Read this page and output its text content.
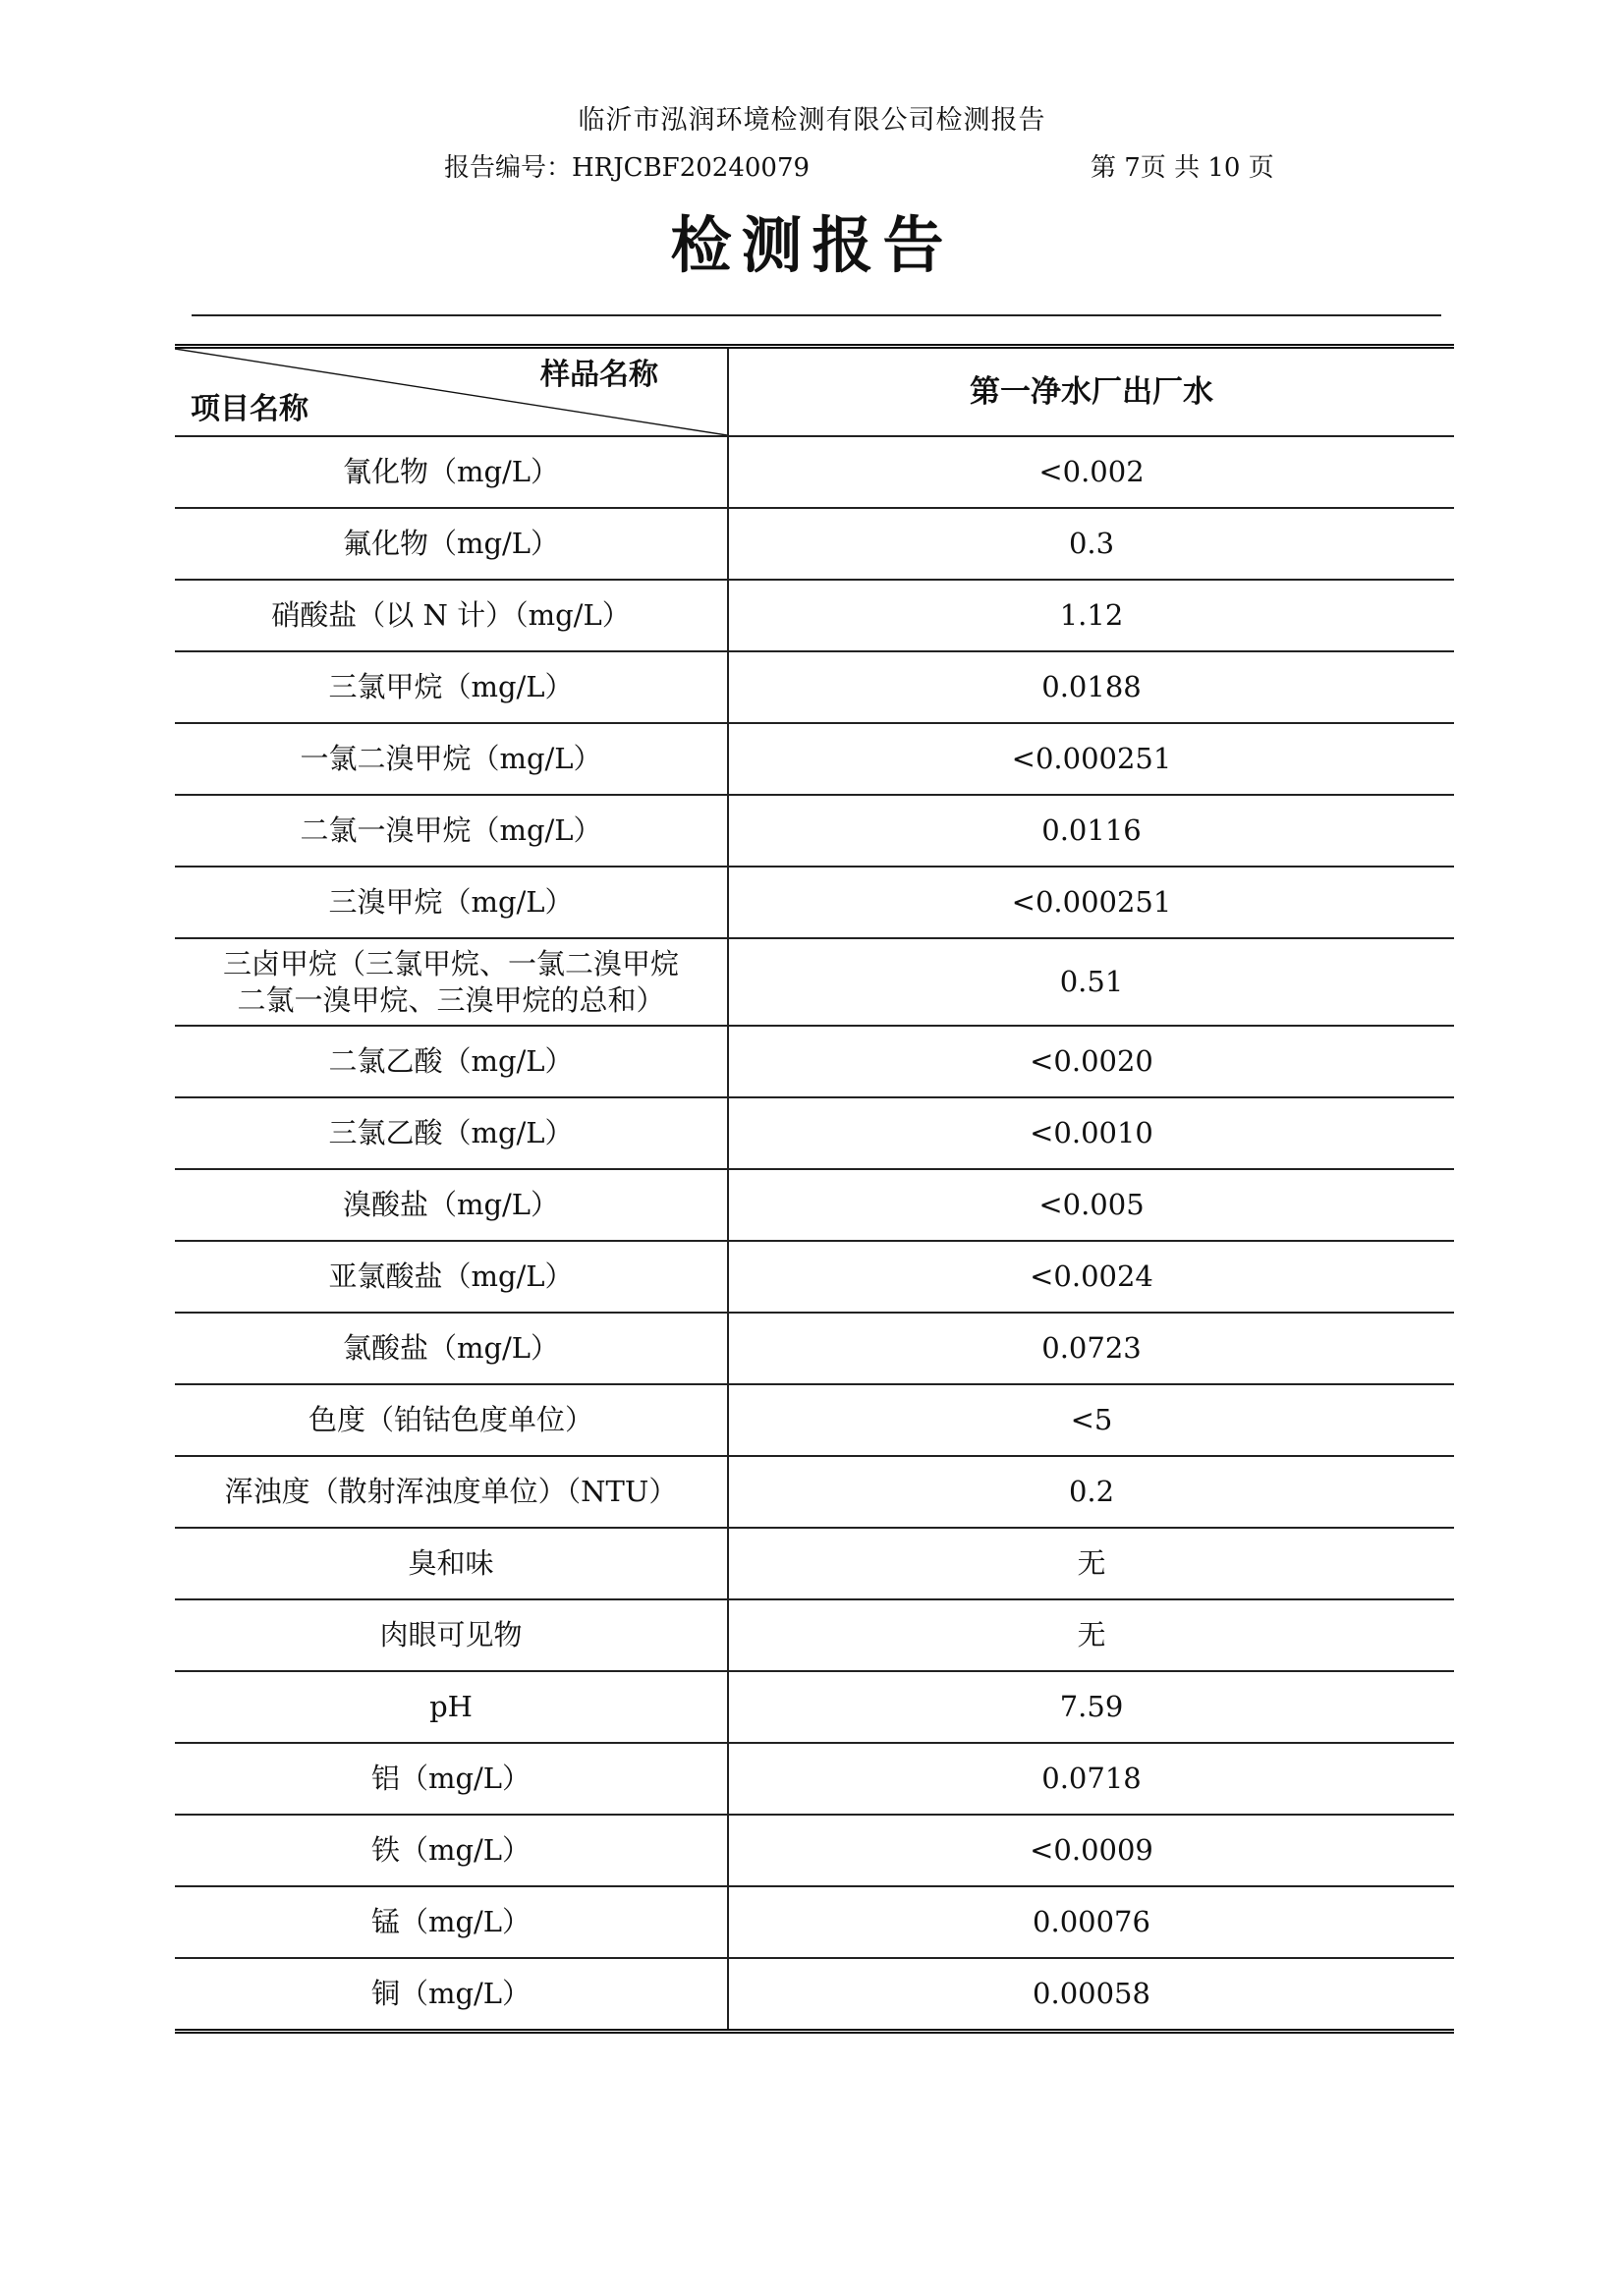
临沂市泓润环境检测有限公司检测报告
报告编号：HRJCBF20240079	第 7页 共 10 页
检测报告
样品名称
项目名称	第一净水厂出厂水
氰化物（mg/L）	<0.002
氟化物（mg/L）	0.3
硝酸盐（以 N 计）（mg/L）	1.12
三氯甲烷（mg/L）	0.0188
一氯二溴甲烷（mg/L）	<0.000251
二氯一溴甲烷（mg/L）	0.0116
三溴甲烷（mg/L）	<0.000251

三卤甲烷（三氯甲烷、一氯二溴甲烷
二氯一溴甲烷、三溴甲烷的总和）	0.51
二氯乙酸（mg/L）	<0.0020
三氯乙酸（mg/L）	<0.0010
溴酸盐（mg/L）	<0.005
亚氯酸盐（mg/L）	<0.0024
氯酸盐（mg/L）	0.0723
色度（铂钴色度单位）	<5
浑浊度（散射浑浊度单位）（NTU）	0.2
臭和味	无
肉眼可见物	无
pH	7.59
铝（mg/L）	0.0718
铁（mg/L）	<0.0009
锰（mg/L）	0.00076
铜（mg/L）	0.00058
